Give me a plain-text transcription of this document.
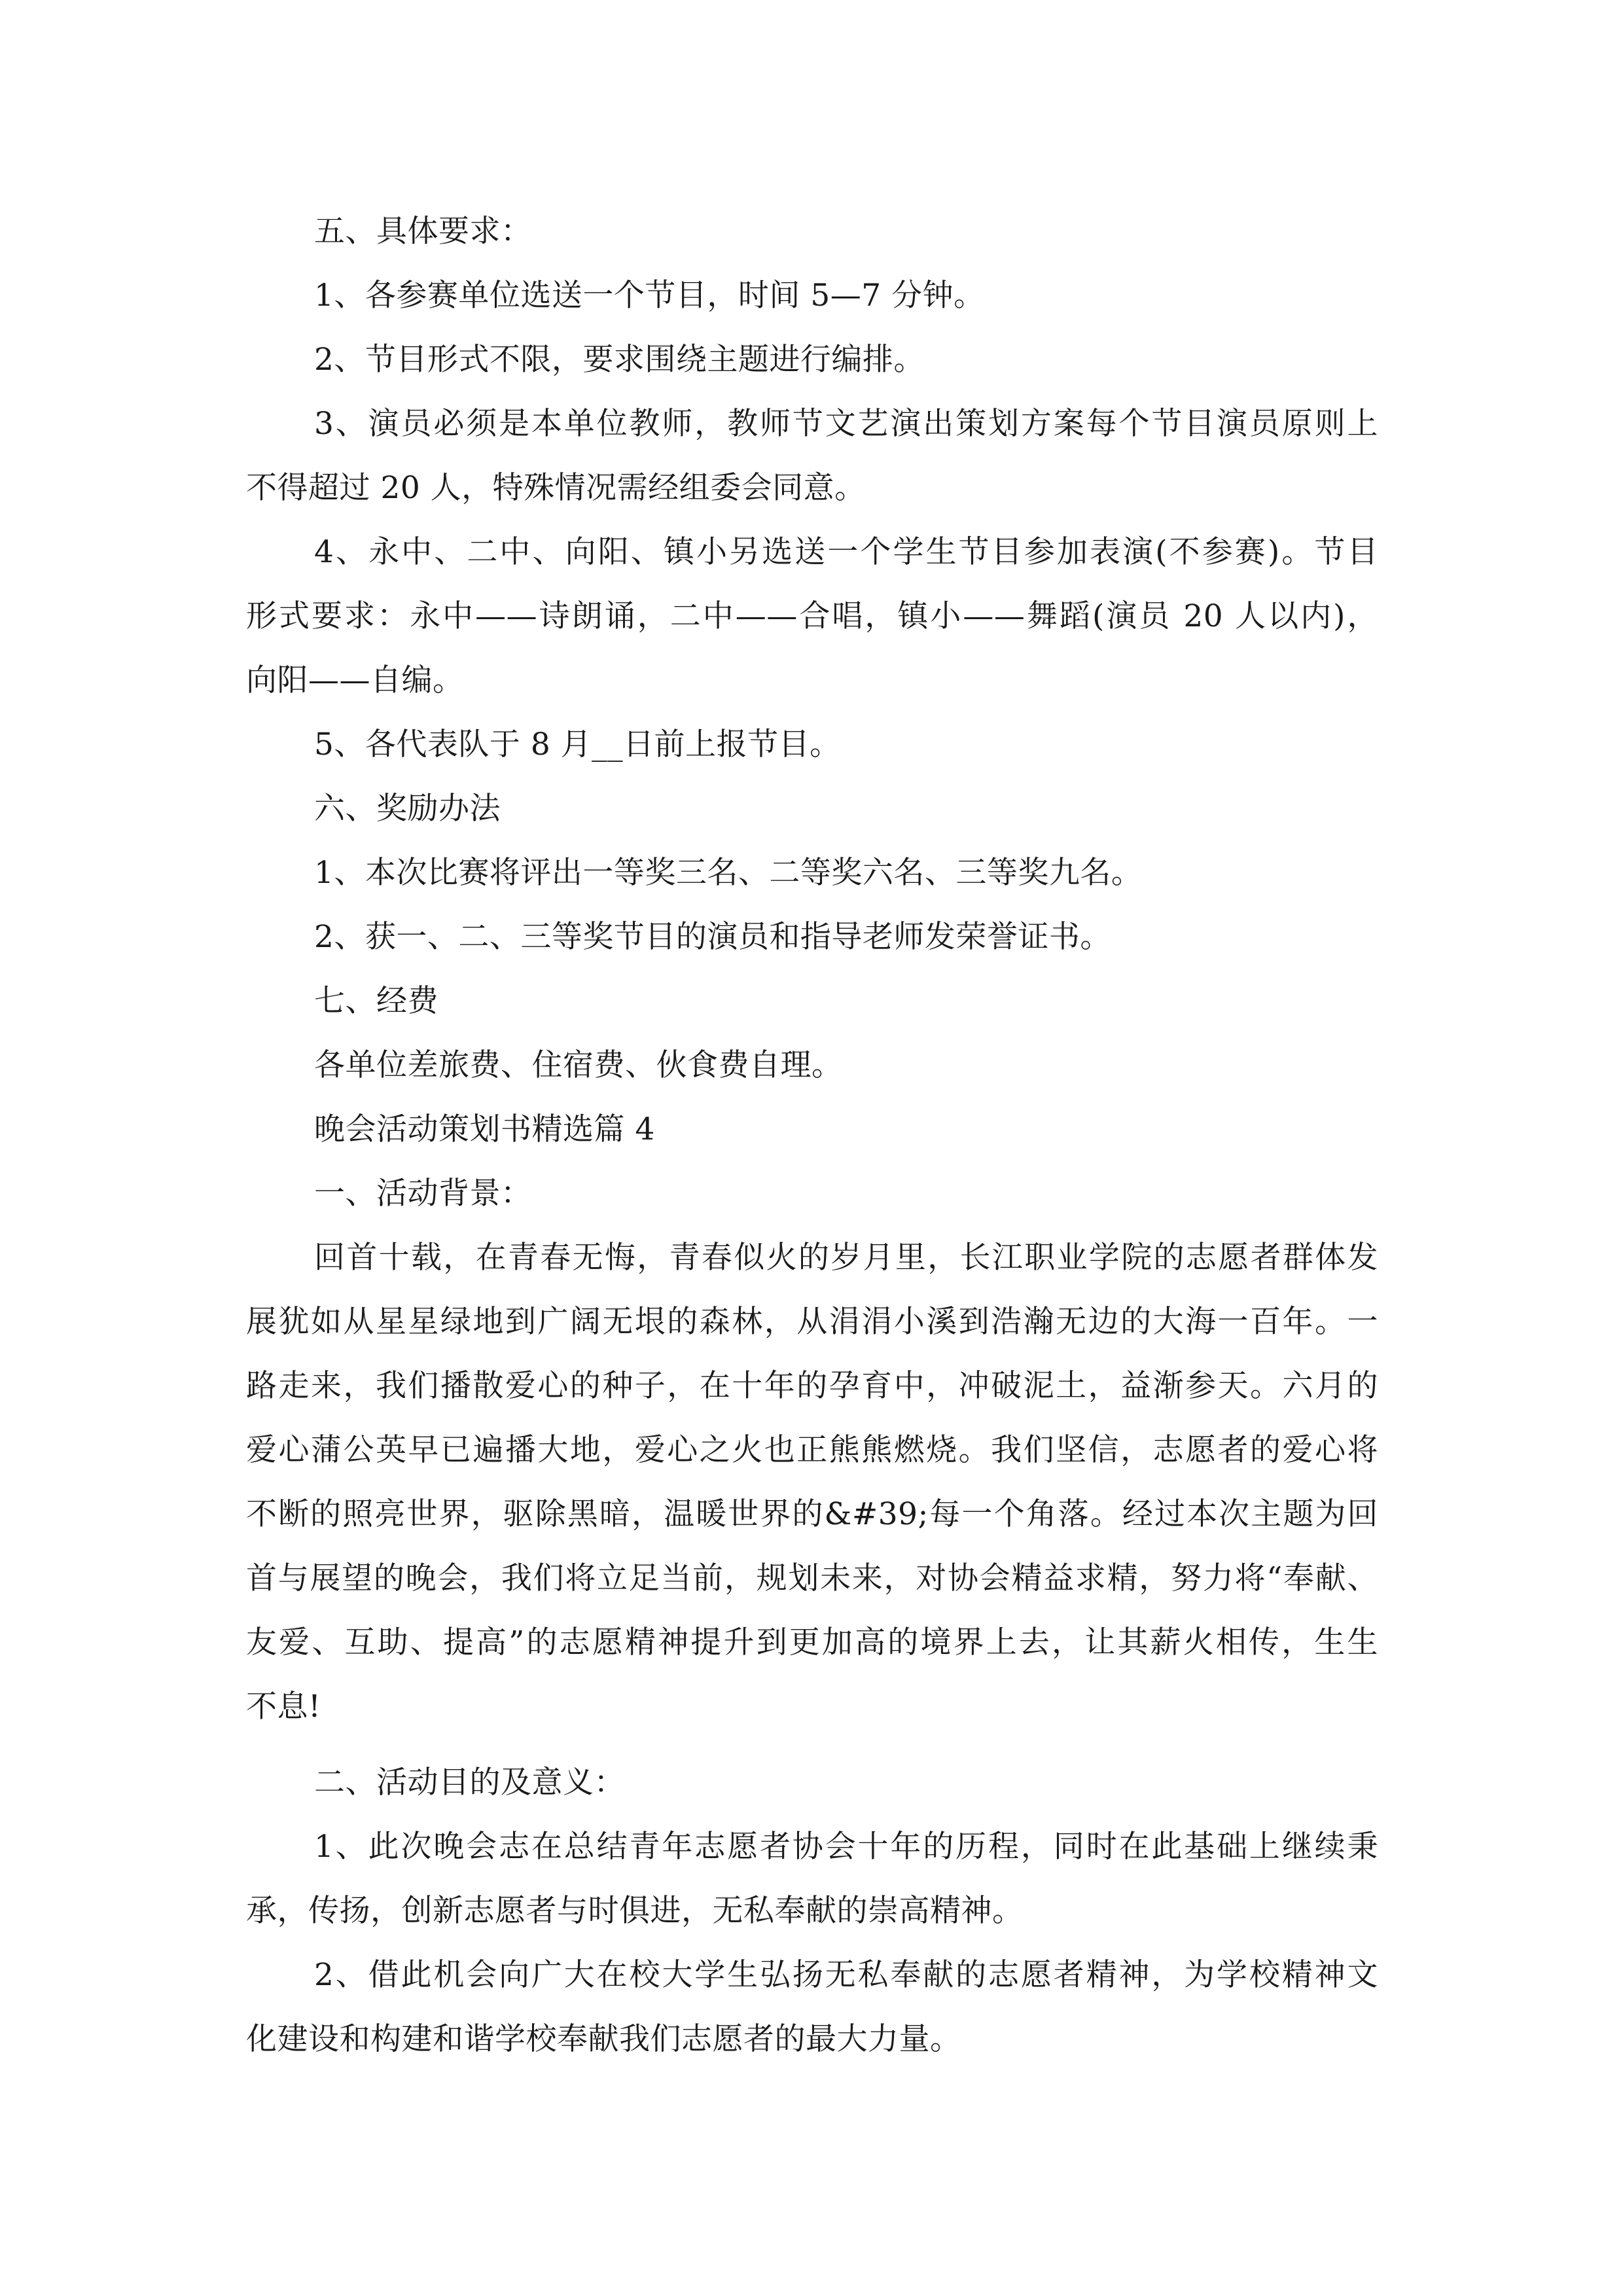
五、具体要求：
1、各参赛单位选送一个节目，时间 5—7 分钟。
2、节目形式不限，要求围绕主题进行编排。
3、演员必须是本单位教师，教师节文艺演出策划方案每个节目演员原则上
不得超过 20 人，特殊情况需经组委会同意。
4、永中、二中、向阳、镇小另选送一个学生节目参加表演(不参赛)。节目
形式要求：永中——诗朗诵，二中——合唱，镇小——舞蹈(演员 20 人以内)，
向阳——自编。
5、各代表队于 8 月__日前上报节目。
六、奖励办法
1、本次比赛将评出一等奖三名、二等奖六名、三等奖九名。
2、获一、二、三等奖节目的演员和指导老师发荣誉证书。
七、经费
各单位差旅费、住宿费、伙食费自理。
晚会活动策划书精选篇 4
一、活动背景：
回首十载，在青春无悔，青春似火的岁月里，长江职业学院的志愿者群体发
展犹如从星星绿地到广阔无垠的森林，从涓涓小溪到浩瀚无边的大海一百年。一
路走来，我们播散爱心的种子，在十年的孕育中，冲破泥土，益渐参天。六月的
爱心蒲公英早已遍播大地，爱心之火也正熊熊燃烧。我们坚信，志愿者的爱心将
不断的照亮世界，驱除黑暗，温暖世界的&#39;每一个角落。经过本次主题为回
首与展望的晚会，我们将立足当前，规划未来，对协会精益求精，努力将“奉献、
友爱、互助、提高”的志愿精神提升到更加高的境界上去，让其薪火相传，生生
不息!
二、活动目的及意义：
1、此次晚会志在总结青年志愿者协会十年的历程，同时在此基础上继续秉
承，传扬，创新志愿者与时俱进，无私奉献的崇高精神。
2、借此机会向广大在校大学生弘扬无私奉献的志愿者精神，为学校精神文
化建设和构建和谐学校奉献我们志愿者的最大力量。
